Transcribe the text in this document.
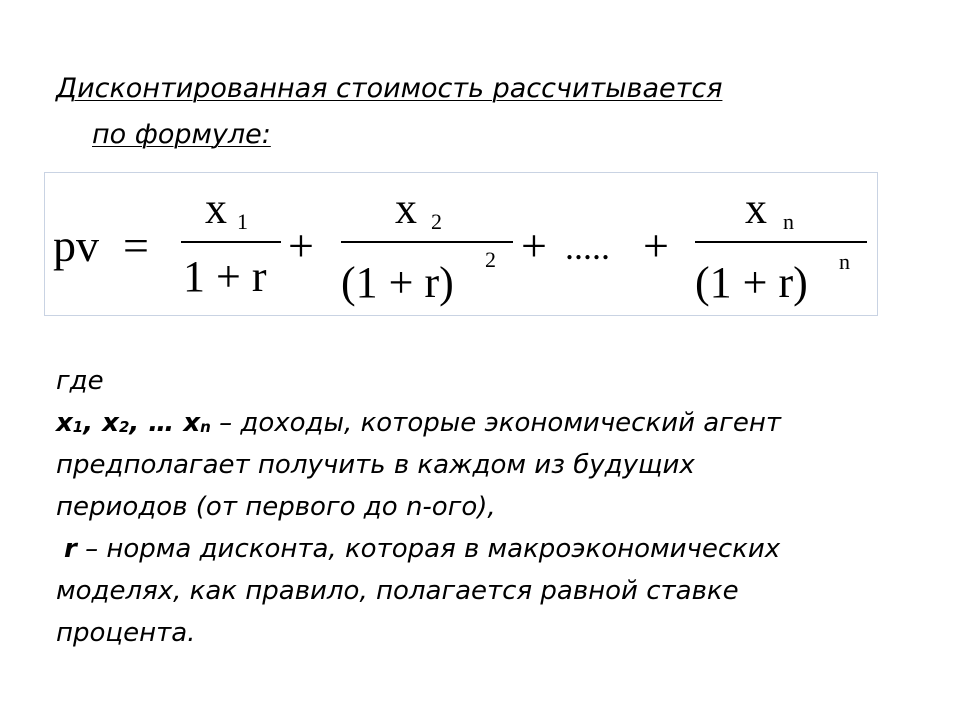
Дисконтированная стоимость рассчитывается
по формуле:
pv =
x 1
1 + r
+
x 2
(1 + r) 2 + ..... +
x n
(1 + r) n

где

$x_1$, $x_2$, … $x_n$ – доходы, которые экономический агент

предполагает получить в каждом из будущих

периодов (от первого до n-ого),

r – норма дисконта, которая в макроэкономических

моделях, как правило, полагается равной ставке

процента.
